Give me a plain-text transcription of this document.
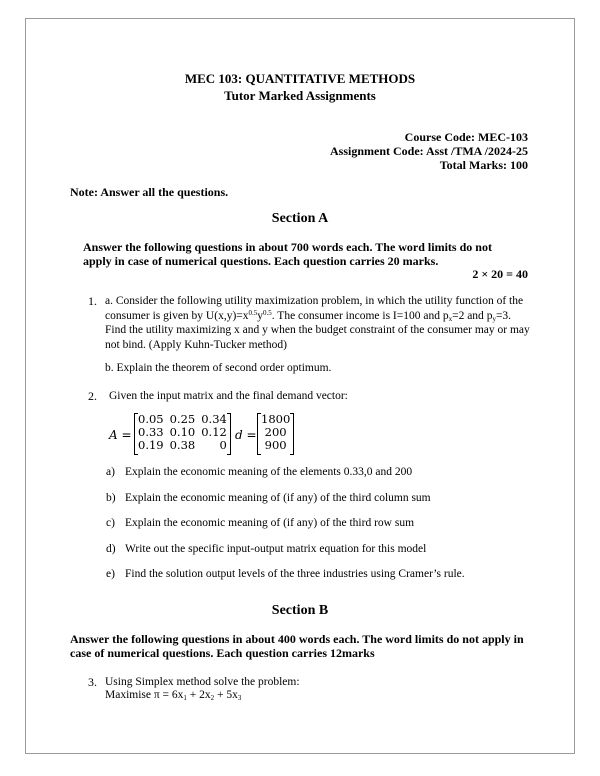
MEC 103: QUANTITATIVE METHODS
Tutor Marked Assignments
Course Code: MEC-103
Assignment Code: Asst /TMA /2024-25
Total Marks: 100
Note: Answer all the questions.
Section A
Answer the following questions in about 700 words each. The word limits do not apply in case of numerical questions. Each question carries 20 marks.
2 × 20 = 40
1. a. Consider the following utility maximization problem, in which the utility function of the consumer is given by $U(x,y)=x^{0.5}y^{0.5}$. The consumer income is I=100 and $p_x=2$ and $p_y=3$. Find the utility maximizing x and y when the budget constraint of the consumer may or may not bind. (Apply Kuhn-Tucker method)
b. Explain the theorem of second order optimum.
2. Given the input matrix and the final demand vector:
A =
0.05	0.25	0.34
0.33	0.10	0.12
0.19	0.38	0
d =
1800
200
900
a) Explain the economic meaning of the elements 0.33,0 and 200
b) Explain the economic meaning of (if any) of the third column sum
c) Explain the economic meaning of (if any) of the third row sum
d) Write out the specific input-output matrix equation for this model
e) Find the solution output levels of the three industries using Cramer’s rule.
Section B
Answer the following questions in about 400 words each. The word limits do not apply in case of numerical questions. Each question carries 12marks
3. Using Simplex method solve the problem:
Maximise $\pi = 6x_1 + 2x_2 + 5x_3$
